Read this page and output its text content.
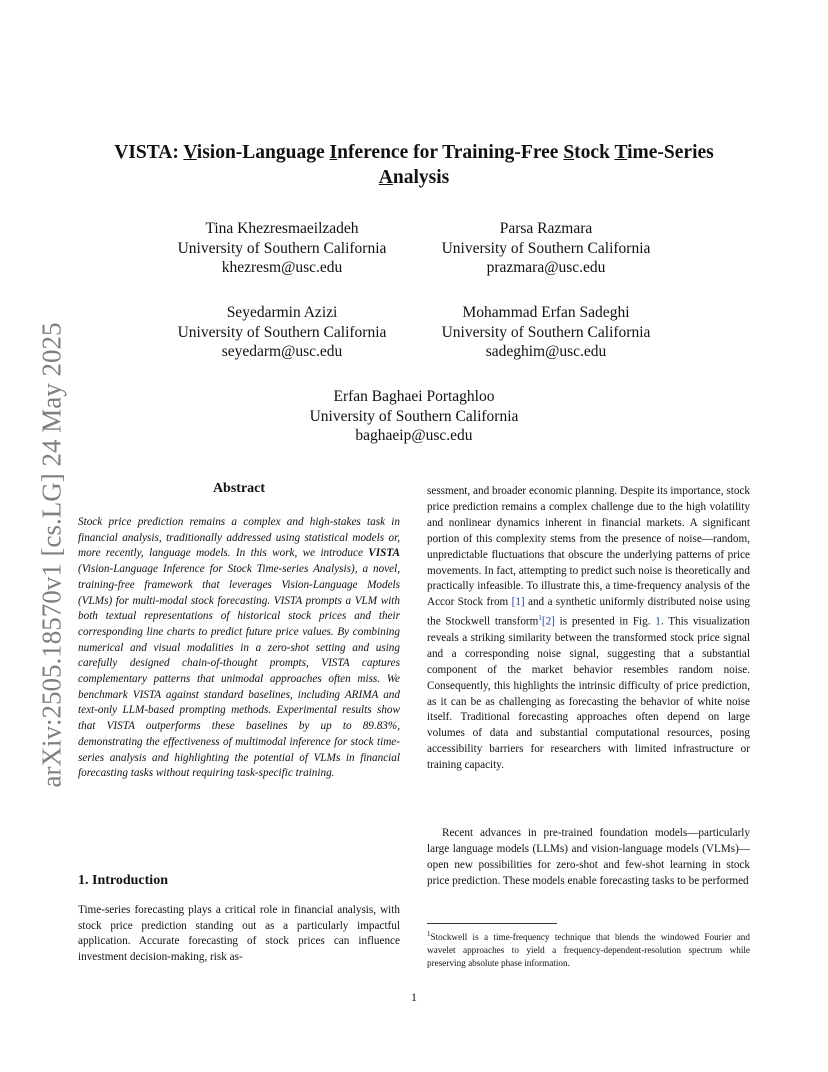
arXiv:2505.18570v1 [cs.LG] 24 May 2025
VISTA: Vision-Language Inference for Training-Free Stock Time-Series
Analysis
Tina Khezresmaeilzadeh
University of Southern California
khezresm@usc.edu
Parsa Razmara
University of Southern California
prazmara@usc.edu
Seyedarmin Azizi
University of Southern California
seyedarm@usc.edu
Mohammad Erfan Sadeghi
University of Southern California
sadeghim@usc.edu
Erfan Baghaei Portaghloo
University of Southern California
baghaeip@usc.edu
Abstract

Stock price prediction remains a complex and high-stakes task in financial analysis, traditionally addressed using statistical models or, more recently, language models. In this work, we introduce VISTA (Vision-Language Inference for Stock Time-series Analysis), a novel, training-free framework that leverages Vision-Language Models (VLMs) for multi-modal stock forecasting. VISTA prompts a VLM with both textual representations of historical stock prices and their corresponding line charts to predict future price values. By combining numerical and visual modalities in a zero-shot setting and using carefully designed chain-of-thought prompts, VISTA captures complementary patterns that unimodal approaches often miss. We benchmark VISTA against standard baselines, including ARIMA and text-only LLM-based prompting methods. Experimental results show that VISTA outperforms these baselines by up to 89.83%, demonstrating the effectiveness of multimodal inference for stock time-series analysis and highlighting the potential of VLMs in financial forecasting tasks without requiring task-specific training.

1. Introduction

Time-series forecasting plays a critical role in financial analysis, with stock price prediction standing out as a particularly impactful application. Accurate forecasting of stock prices can influence investment decision-making, risk as-

sessment, and broader economic planning. Despite its importance, stock price prediction remains a complex challenge due to the high volatility and nonlinear dynamics inherent in financial markets. A significant portion of this complexity stems from the presence of noise—random, unpredictable fluctuations that obscure the underlying patterns of price movements. In fact, attempting to predict such noise is theoretically and practically infeasible. To illustrate this, a time-frequency analysis of the Accor Stock from [1] and a synthetic uniformly distributed noise using the Stockwell transform$^1$[2] is presented in Fig. 1. This visualization reveals a striking similarity between the transformed stock price signal and a corresponding noise signal, suggesting that a substantial component of the market behavior resembles random noise. Consequently, this highlights the intrinsic difficulty of price prediction, as it can be as challenging as forecasting the behavior of white noise itself. Traditional forecasting approaches often depend on large volumes of data and substantial computational resources, posing accessibility barriers for researchers with limited infrastructure or training capacity.

Recent advances in pre-trained foundation models—particularly large language models (LLMs) and vision-language models (VLMs)—open new possibilities for zero-shot and few-shot learning in stock price prediction. These models enable forecasting tasks to be performed

$^1$Stockwell is a time-frequency technique that blends the windowed Fourier and wavelet approaches to yield a frequency-dependent-resolution spectrum while preserving absolute phase information.

1
